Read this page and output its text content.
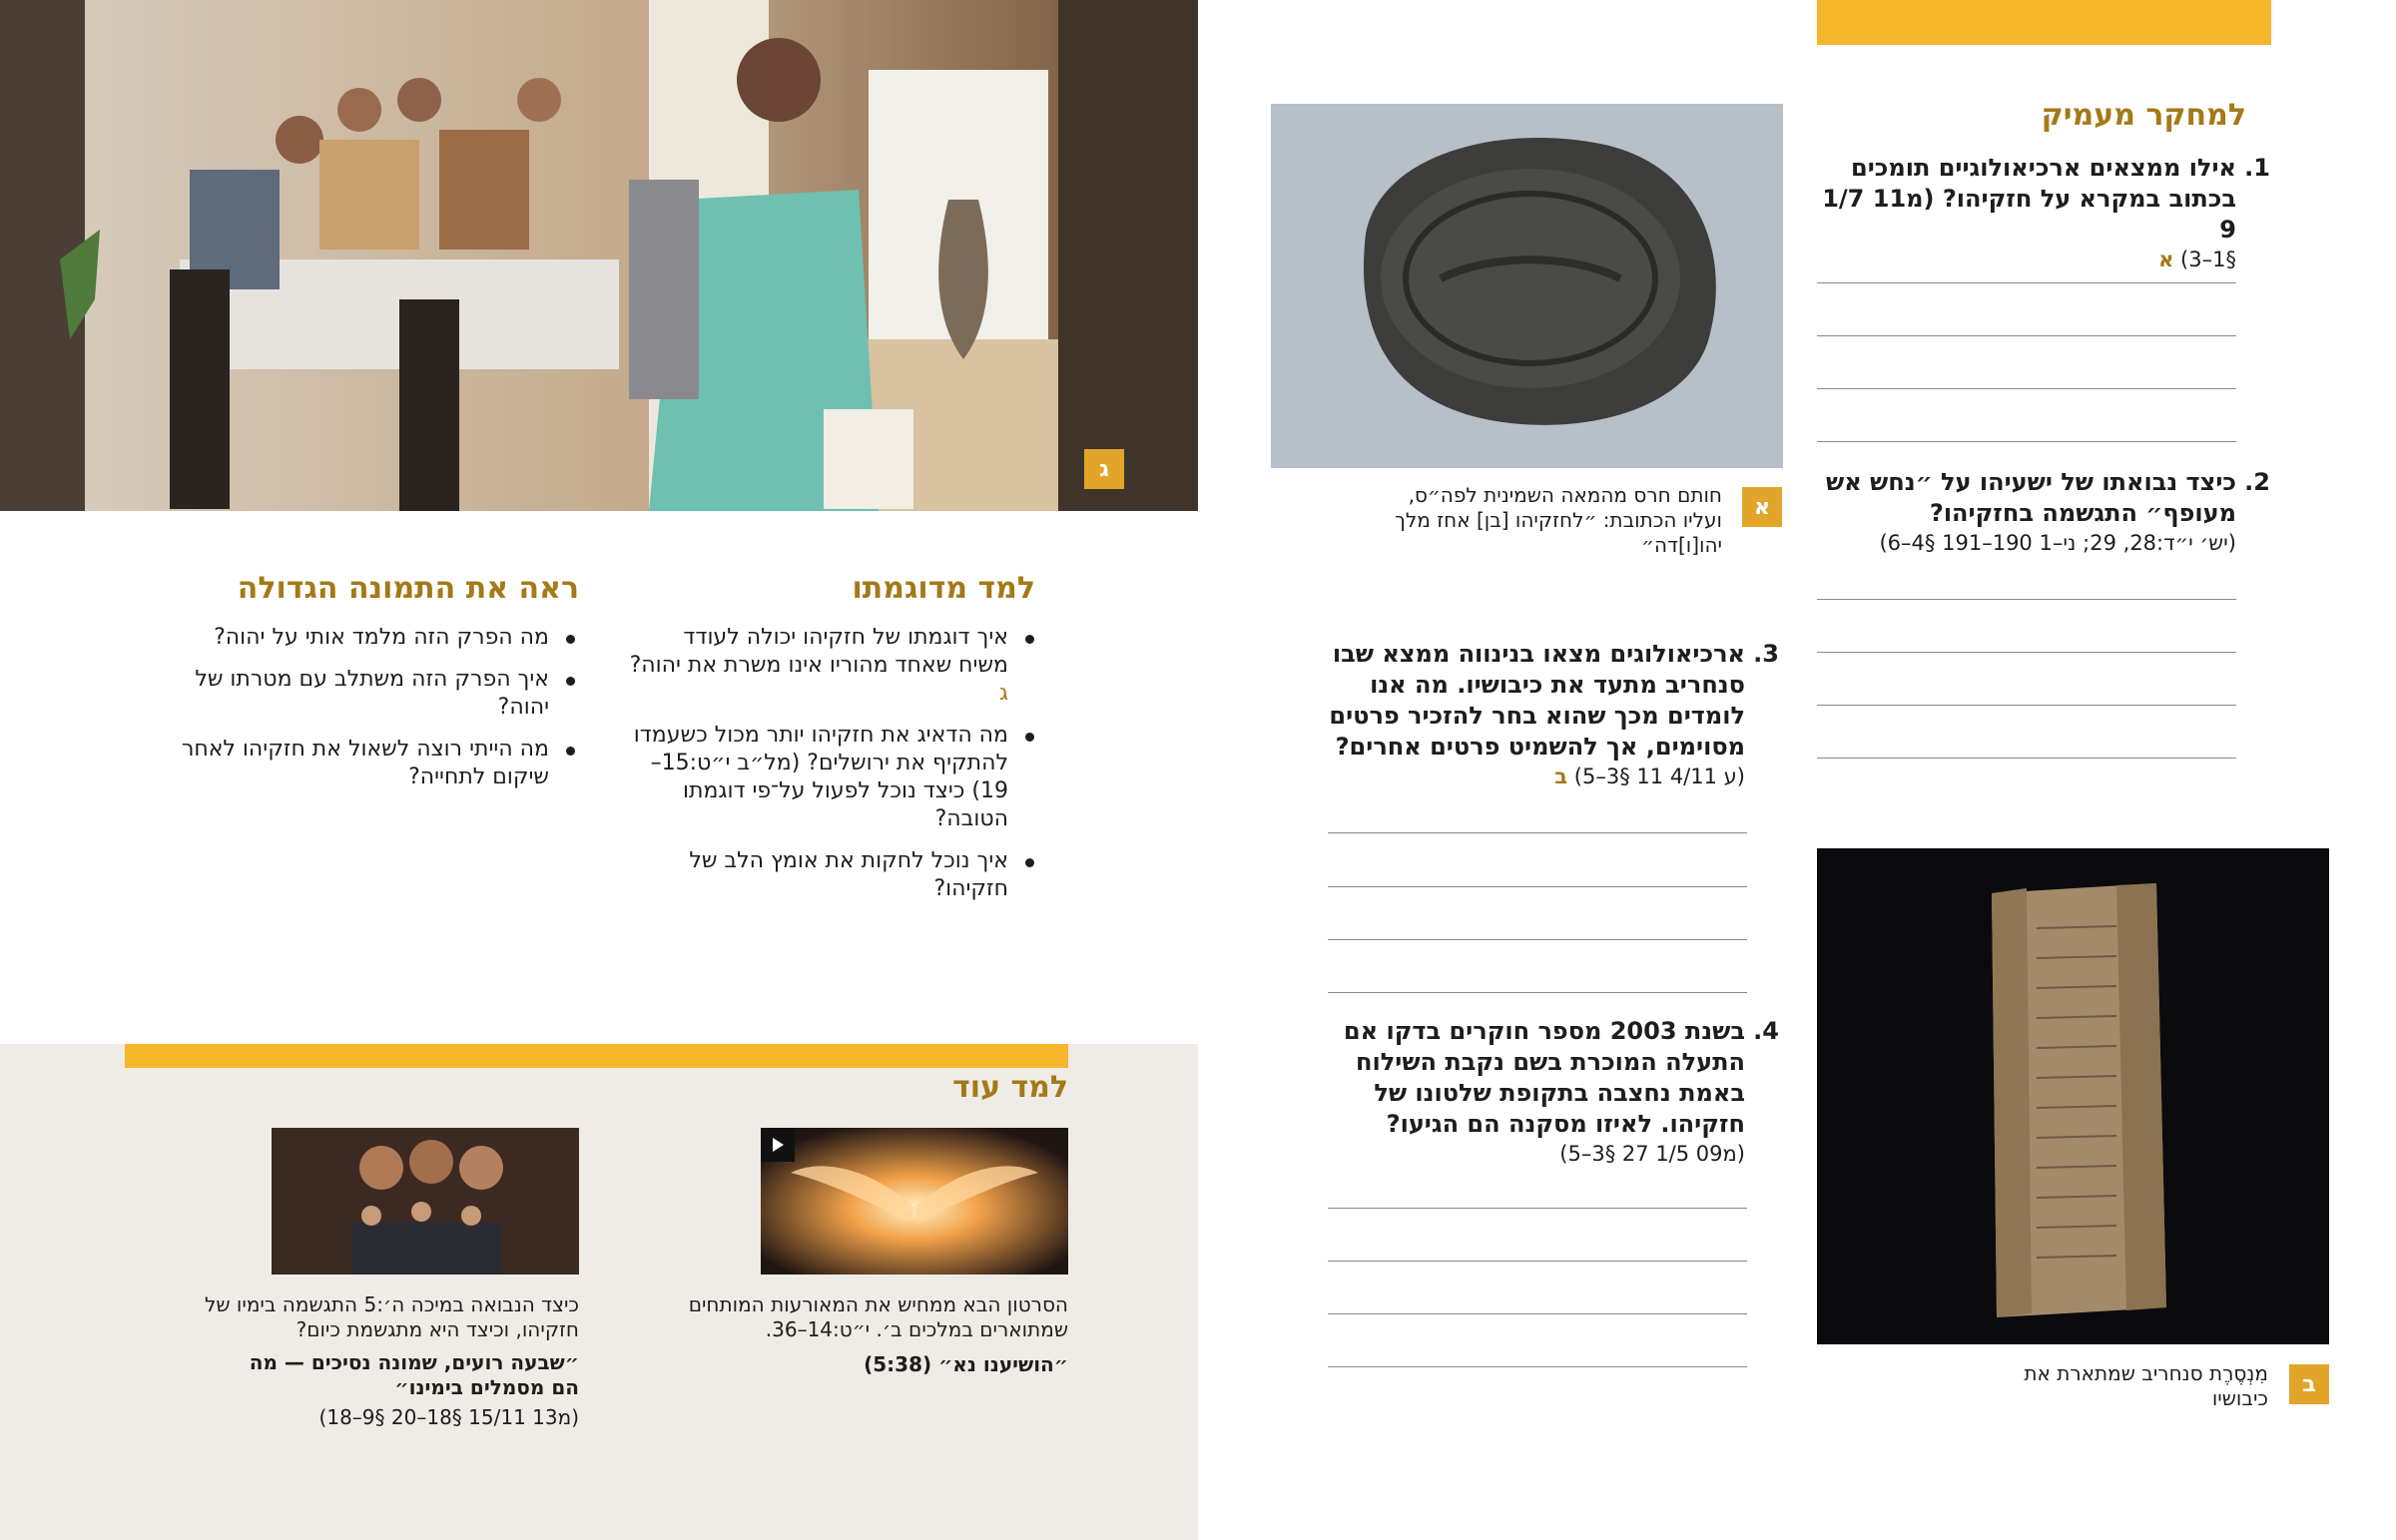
ג
למד מדוגמתו
איך דוגמתו של חזקיהו יכולה לעודד משיח שאחד מהוריו אינו משרת את יהוה? ג
מה הדאיג את חזקיהו יותר מכול כשעמדו להתקיף את ירושלים? (מל״ב י״ט:15–19) כיצד נוכל לפעול על־פי דוגמתו הטובה?
איך נוכל לחקות את אומץ הלב של חזקיהו?
ראה את התמונה הגדולה
מה הפרק הזה מלמד אותי על יהוה?
איך הפרק הזה משתלב עם מטרתו של יהוה?
מה הייתי רוצה לשאול את חזקיהו לאחר שיקום לתחייה?
למד עוד
הסרטון הבא ממחיש את המאורעות המותחים שמתוארים במלכים ב׳. י״ט:14–36.
״הושיענו נא״ (5:38)
כיצד הנבואה במיכה ה׳:5 התגשמה בימיו של חזקיהו, וכיצד היא מתגשמת כיום?
״שבעה רועים, שמונה נסיכים — מה הם מסמלים בימינו״
(מ13 15/11 §18–20 §9–18)
א
חותם חרס מהמאה השמינית לפה״ס, ועליו הכתובת: ״לחזקיהו [בן] אחז מלך יהו[ו]דה״
למחקר מעמיק
1.
אילו ממצאים ארכיאולוגיים תומכים בכתוב במקרא על חזקיהו? (מ11 1/7 9
§1–3) א
2.
כיצד נבואתו של ישעיהו על ״נחש אש מעופף״ התגשמה בחזקיהו?
(יש׳ י״ד:28, 29; ני–1 190–191 §4–6)
3.
ארכיאולוגים מצאו בנינווה ממצא שבו סנחריב מתעד את כיבושיו. מה אנו לומדים מכך שהוא בחר להזכיר פרטים מסוימים, אך להשמיט פרטים אחרים?
(ע 4/11 11 §3–5) ב
4.
בשנת 2003 מספר חוקרים בדקו אם התעלה המוכרת בשם נקבת השילוח באמת נחצבה בתקופת שלטונו של חזקיהו. לאיזו מסקנה הם הגיעו?
(מ09 1/5 27 §3–5)
ב
מִנְסֶרֶת סנחריב שמתארת את כיבושיו
